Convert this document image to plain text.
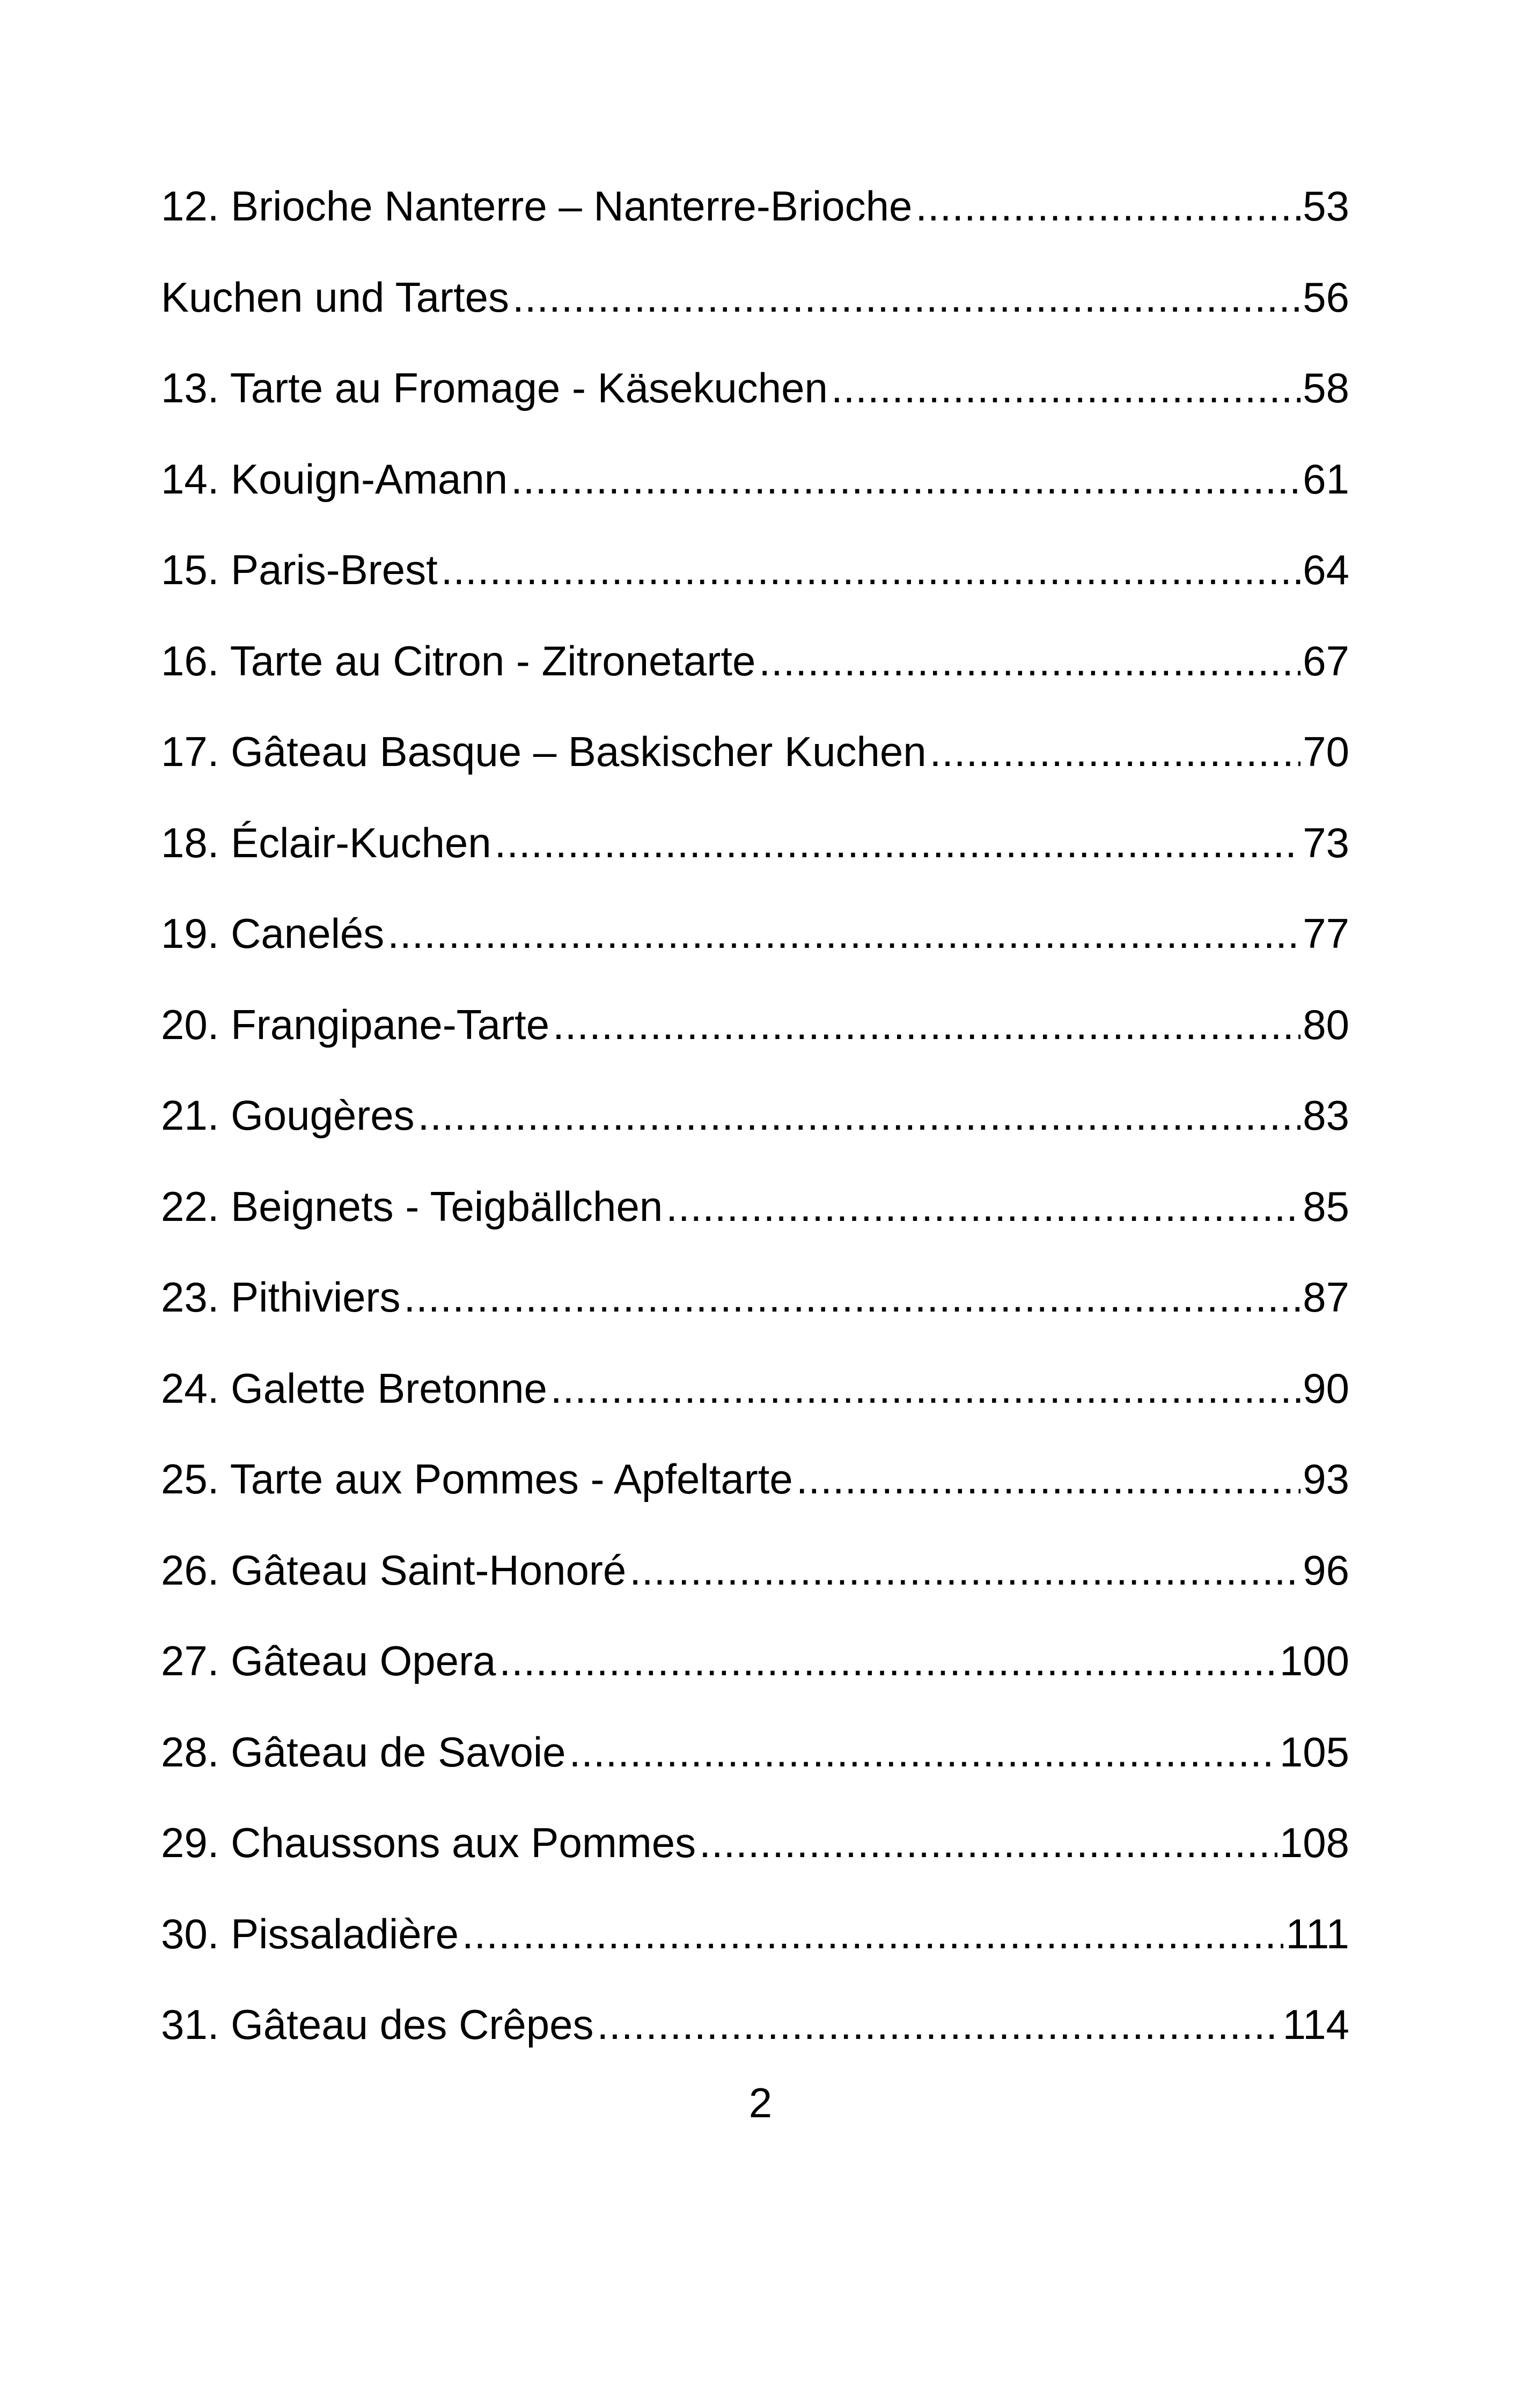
12. Brioche Nanterre – Nanterre-Brioche .....	53
Kuchen und Tartes .....	56
13. Tarte au Fromage - Käsekuchen .....	58
14. Kouign-Amann .....	61
15. Paris-Brest .....	64
16. Tarte au Citron - Zitronetarte .....	67
17. Gâteau Basque – Baskischer Kuchen .....	70
18. Éclair-Kuchen .....	73
19. Canelés .....	77
20. Frangipane-Tarte .....	80
21. Gougères .....	83
22. Beignets - Teigbällchen .....	85
23. Pithiviers .....	87
24. Galette Bretonne .....	90
25. Tarte aux Pommes - Apfeltarte .....	93
26. Gâteau Saint-Honoré .....	96
27. Gâteau Opera .....	100
28. Gâteau de Savoie .....	105
29. Chaussons aux Pommes .....	108
30. Pissaladière .....	111
31. Gâteau des Crêpes .....	114
2
